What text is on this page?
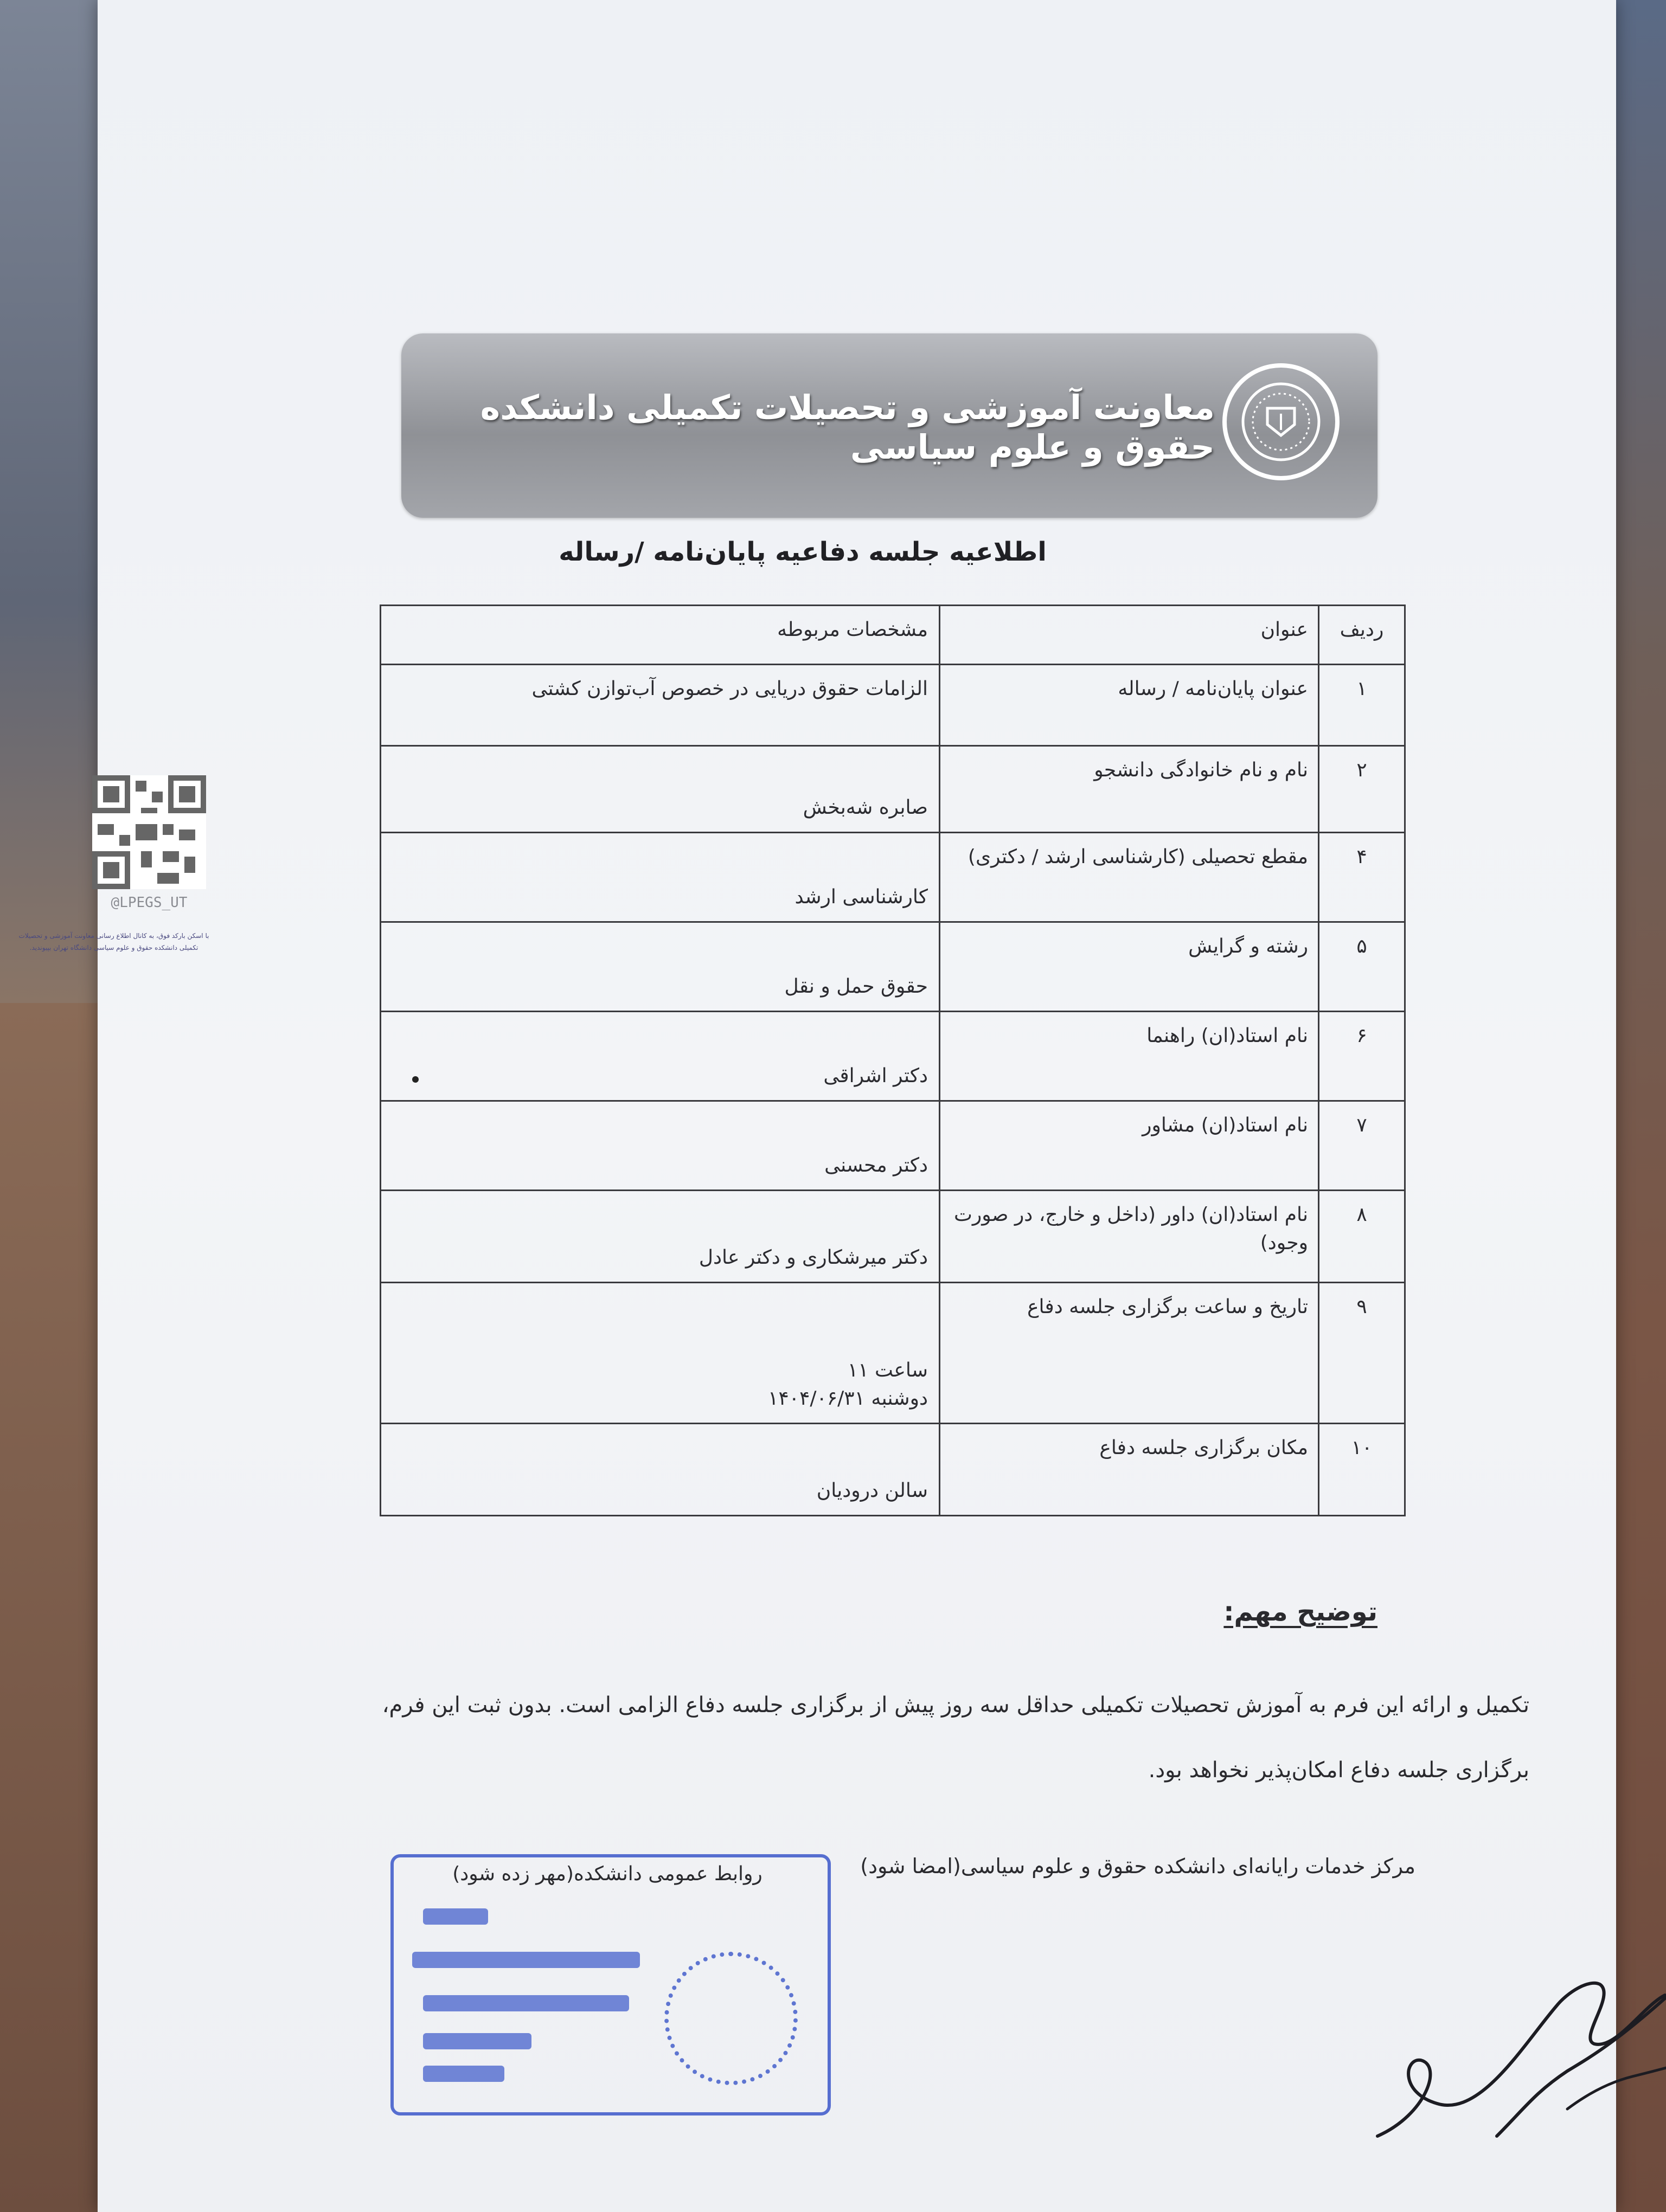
معاونت آموزشی و تحصیلات تکمیلی دانشکده حقوق و علوم سیاسی
اطلاعیه جلسه دفاعیه پایان‌نامه /رساله
ردیف	عنوان	مشخصات مربوطه
۱	عنوان پایان‌نامه / رساله	الزامات حقوق دریایی در خصوص آب‌توازن کشتی

۲	نام و نام خانوادگی دانشجو	صابره شه‌بخش

۴	مقطع تحصیلی (کارشناسی ارشد / دکتری)	کارشناسی ارشد

۵	رشته و گرایش	حقوق حمل و نقل

۶	نام استاد(ان) راهنما	دکتر اشراقی

۷	نام استاد(ان) مشاور	دکتر محسنی

۸	نام استاد(ان) داور (داخل و خارج، در صورت وجود)	دکتر میرشکاری و دکتر عادل

۹	تاریخ و ساعت برگزاری جلسه دفاع	ساعت ۱۱
دوشنبه ۱۴۰۴/۰۶/۳۱

۱۰	مکان برگزاری جلسه دفاع	سالن درودیان
توضیح مهم:
تکمیل و ارائه این فرم به آموزش تحصیلات تکمیلی حداقل سه روز پیش از برگزاری جلسه دفاع الزامی است. بدون ثبت این فرم، برگزاری جلسه دفاع امکان‌پذیر نخواهد بود.
مرکز خدمات رایانه‌ای دانشکده حقوق و علوم سیاسی(امضا شود)
روابط عمومی دانشکده(مهر زده شود)
@LPEGS_UT
با اسکن بارکد فوق، به کانال اطلاع رسانی معاونت آموزشی و تحصیلات تکمیلی دانشکده حقوق و علوم سیاسی دانشگاه تهران بپیوندید.
